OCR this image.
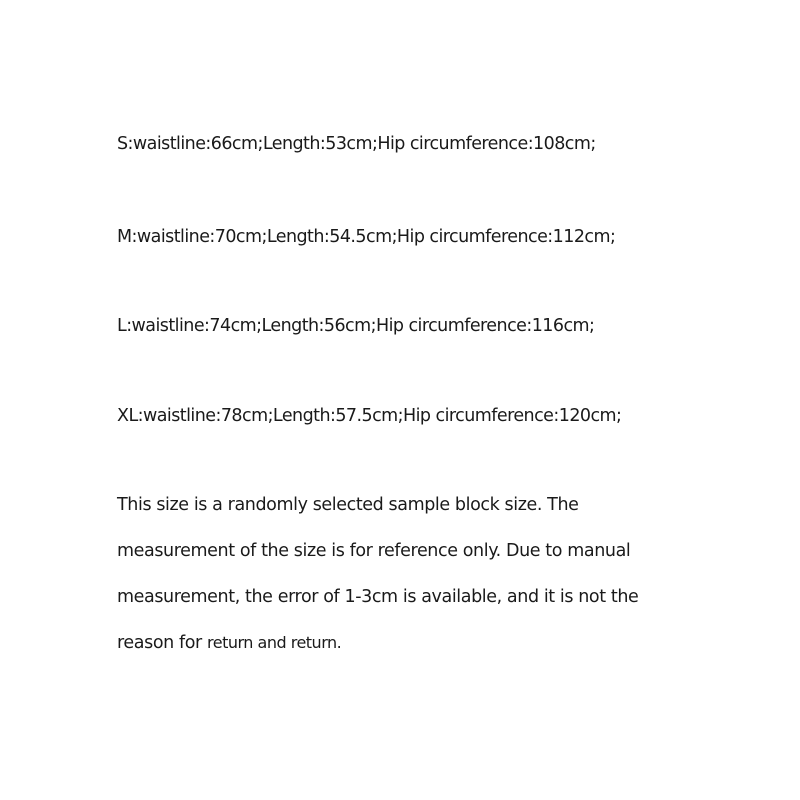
S:waistline:66cm;Length:53cm;Hip circumference:108cm;
M:waistline:70cm;Length:54.5cm;Hip circumference:112cm;
L:waistline:74cm;Length:56cm;Hip circumference:116cm;
XL:waistline:78cm;Length:57.5cm;Hip circumference:120cm;
This size is a randomly selected sample block size. The
measurement of the size is for reference only. Due to manual
measurement, the error of 1-3cm is available, and it is not the
reason for return and return.
